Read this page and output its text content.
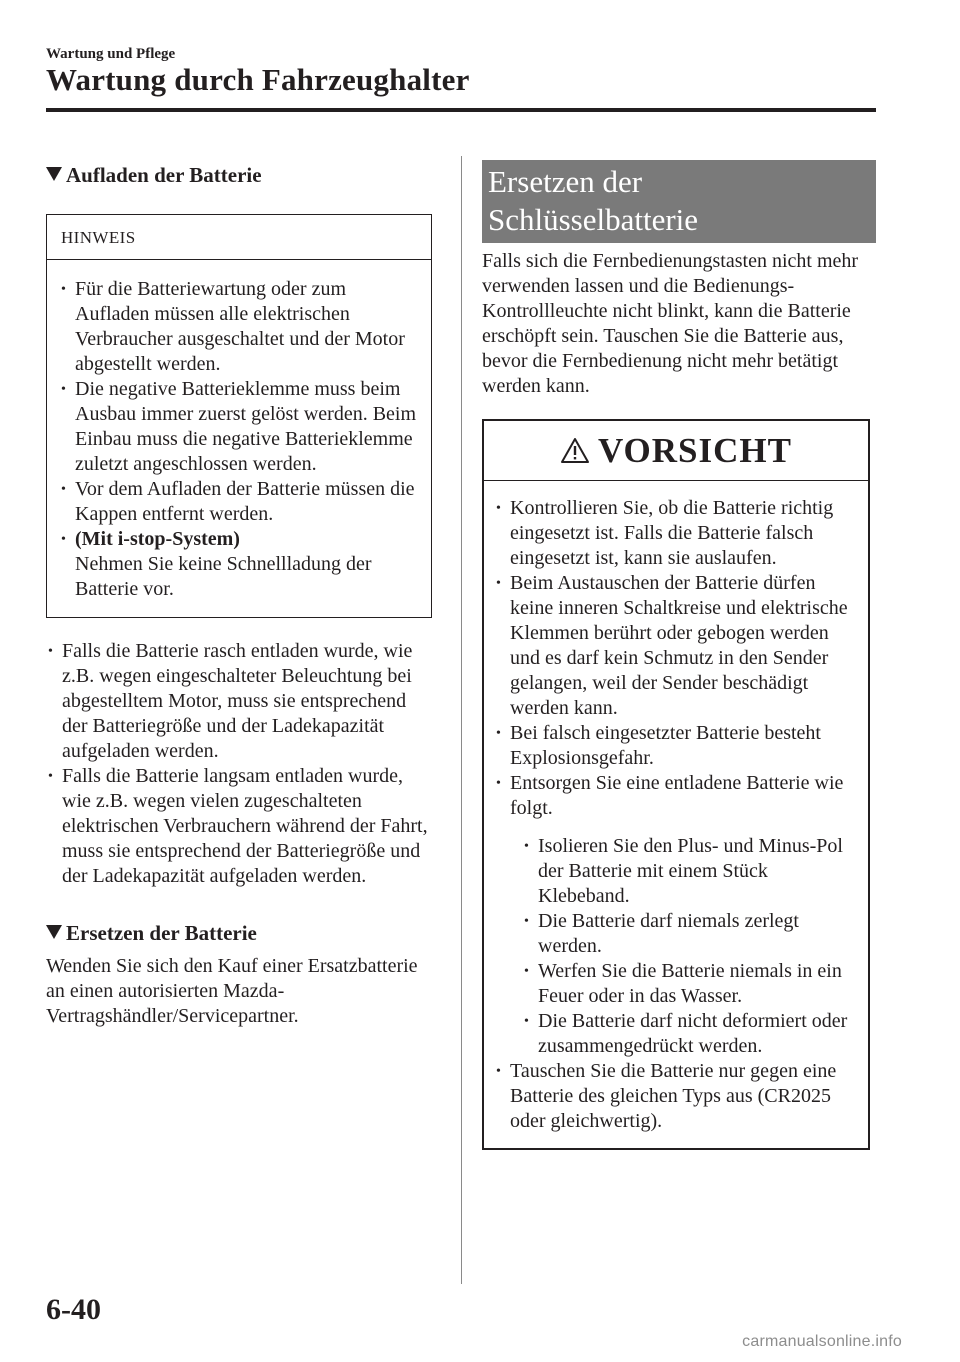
Wartung und Pflege
Wartung durch Fahrzeughalter
Aufladen der Batterie
HINWEIS
• Für die Batteriewartung oder zum Aufladen müssen alle elektrischen Verbraucher ausgeschaltet und der Motor abgestellt werden.
• Die negative Batterieklemme muss beim Ausbau immer zuerst gelöst werden. Beim Einbau muss die negative Batterieklemme zuletzt angeschlossen werden.
• Vor dem Aufladen der Batterie müssen die Kappen entfernt werden.
• (Mit i-stop-System)
Nehmen Sie keine Schnellladung der Batterie vor.
• Falls die Batterie rasch entladen wurde, wie z.B. wegen eingeschalteter Beleuchtung bei abgestelltem Motor, muss sie entsprechend der Batteriegröße und der Ladekapazität aufgeladen werden.
• Falls die Batterie langsam entladen wurde, wie z.B. wegen vielen zugeschalteten elektrischen Verbrauchern während der Fahrt, muss sie entsprechend der Batteriegröße und der Ladekapazität aufgeladen werden.
Ersetzen der Batterie

Wenden Sie sich den Kauf einer Ersatzbatterie an einen autorisierten Mazda-Vertragshändler/Servicepartner.

Ersetzen der
Schlüsselbatterie

Falls sich die Fernbedienungstasten nicht mehr verwenden lassen und die Bedienungs-Kontrollleuchte nicht blinkt, kann die Batterie erschöpft sein. Tauschen Sie die Batterie aus, bevor die Fernbedienung nicht mehr betätigt werden kann.

VORSICHT
• Kontrollieren Sie, ob die Batterie richtig eingesetzt ist. Falls die Batterie falsch eingesetzt ist, kann sie auslaufen.
• Beim Austauschen der Batterie dürfen keine inneren Schaltkreise und elektrische Klemmen berührt oder gebogen werden und es darf kein Schmutz in den Sender gelangen, weil der Sender beschädigt werden kann.
• Bei falsch eingesetzter Batterie besteht Explosionsgefahr.
• Entsorgen Sie eine entladene Batterie wie folgt.
• Isolieren Sie den Plus- und Minus-Pol der Batterie mit einem Stück Klebeband.
• Die Batterie darf niemals zerlegt werden.
• Werfen Sie die Batterie niemals in ein Feuer oder in das Wasser.
• Die Batterie darf nicht deformiert oder zusammengedrückt werden.
• Tauschen Sie die Batterie nur gegen eine Batterie des gleichen Typs aus (CR2025 oder gleichwertig).
6-40
carmanualsonline.info
